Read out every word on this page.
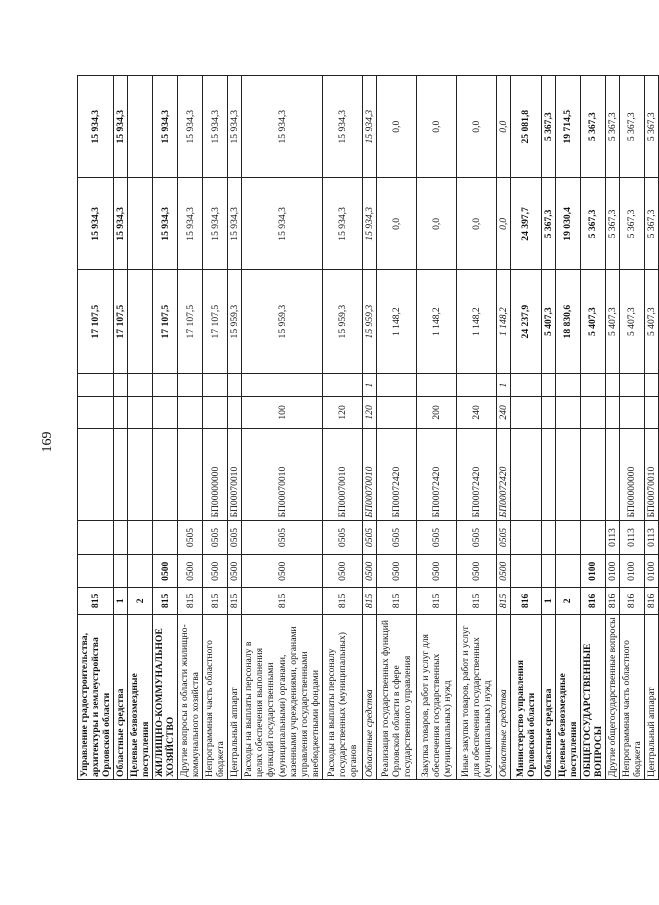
169
Управление градостроительства, архитектуры и землеустройства Орловской области	815						17 107,5	15 934,3	15 934,3
Областные средства	1						17 107,5	15 934,3	15 934,3
Целевые безвозмездные поступления	2								
ЖИЛИЩНО-КОММУНАЛЬНОЕ ХОЗЯЙСТВО	815	0500					17 107,5	15 934,3	15 934,3
Другие вопросы в области жилищно-коммунального хозяйства	815	0500	0505				17 107,5	15 934,3	15 934,3
Непрограммная часть областного бюджета	815	0500	0505	БП00000000			17 107,5	15 934,3	15 934,3
Центральный аппарат	815	0500	0505	БП00070010			15 959,3	15 934,3	15 934,3
Расходы на выплаты персоналу в целях обеспечения выполнения функций государственными (муниципальными) органами, казенными учреждениями, органами управления государственными внебюджетными фондами	815	0500	0505	БП00070010	100		15 959,3	15 934,3	15 934,3
Расходы на выплаты персоналу государственных (муниципальных) органов	815	0500	0505	БП00070010	120		15 959,3	15 934,3	15 934,3
Областные средства	815	0500	0505	БП00070010	120	1	15 959,3	15 934,3	15 934,3
Реализация государственных функций Орловской области в сфере государственного управления	815	0500	0505	БП00072420			1 148,2	0,0	0,0
Закупка товаров, работ и услуг для обеспечения государственных (муниципальных) нужд	815	0500	0505	БП00072420	200		1 148,2	0,0	0,0
Иные закупки товаров, работ и услуг для обеспечения государственных (муниципальных) нужд	815	0500	0505	БП00072420	240		1 148,2	0,0	0,0
Областные средства	815	0500	0505	БП00072420	240	1	1 148,2	0,0	0,0
Министерство управления Орловской области	816						24 237,9	24 397,7	25 081,8
Областные средства	1						5 407,3	5 367,3	5 367,3
Целевые безвозмездные поступления	2						18 830,6	19 030,4	19 714,5
ОБЩЕГОСУДАРСТВЕННЫЕ ВОПРОСЫ	816	0100					5 407,3	5 367,3	5 367,3
Другие общегосударственные вопросы	816	0100	0113				5 407,3	5 367,3	5 367,3
Непрограммная часть областного бюджета	816	0100	0113	БП00000000			5 407,3	5 367,3	5 367,3
Центральный аппарат	816	0100	0113	БП00070010			5 407,3	5 367,3	5 367,3
